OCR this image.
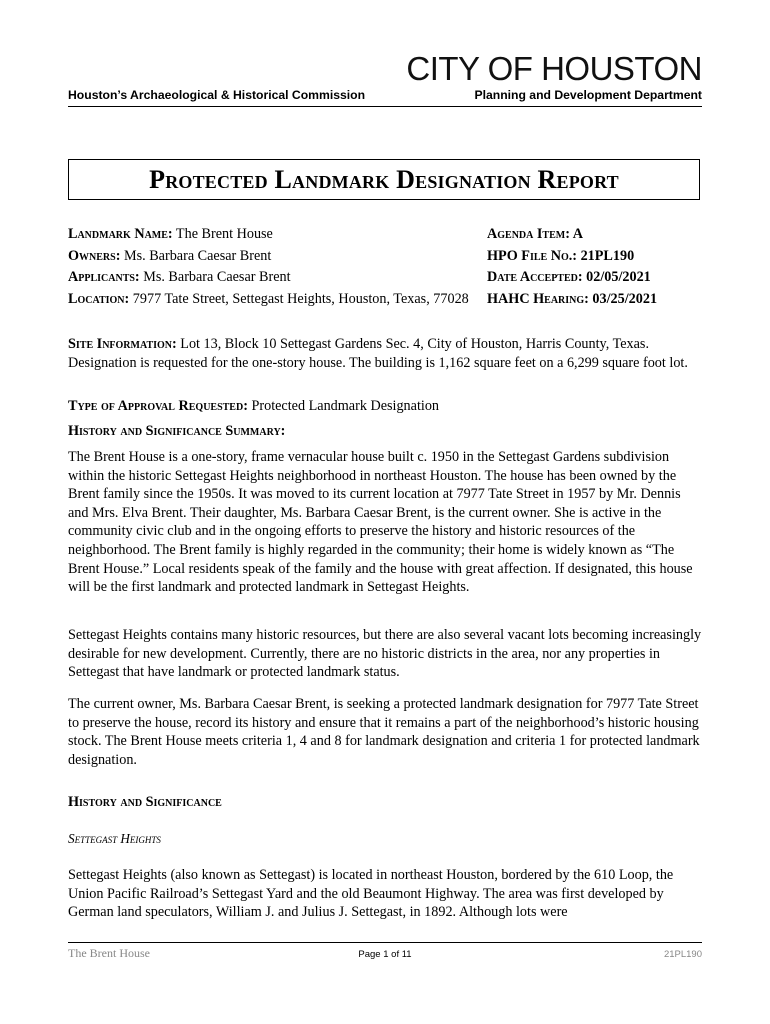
CITY OF HOUSTON
Houston’s Archaeological & Historical Commission	Planning and Development Department
Protected Landmark Designation Report
Landmark Name: The Brent House
Owners: Ms. Barbara Caesar Brent
Applicants: Ms. Barbara Caesar Brent
Location: 7977 Tate Street, Settegast Heights, Houston, Texas, 77028
Agenda Item: A
HPO File No.: 21PL190
Date Accepted: 02/05/2021
HAHC Hearing: 03/25/2021
Site Information: Lot 13, Block 10 Settegast Gardens Sec. 4, City of Houston, Harris County, Texas. Designation is requested for the one-story house. The building is 1,162 square feet on a 6,299 square foot lot.
Type of Approval Requested: Protected Landmark Designation
History and Significance Summary:
The Brent House is a one-story, frame vernacular house built c. 1950 in the Settegast Gardens subdivision within the historic Settegast Heights neighborhood in northeast Houston. The house has been owned by the Brent family since the 1950s. It was moved to its current location at 7977 Tate Street in 1957 by Mr. Dennis and Mrs. Elva Brent. Their daughter, Ms. Barbara Caesar Brent, is the current owner. She is active in the community civic club and in the ongoing efforts to preserve the history and historic resources of the neighborhood. The Brent family is highly regarded in the community; their home is widely known as “The Brent House.” Local residents speak of the family and the house with great affection. If designated, this house will be the first landmark and protected landmark in Settegast Heights.
Settegast Heights contains many historic resources, but there are also several vacant lots becoming increasingly desirable for new development. Currently, there are no historic districts in the area, nor any properties in Settegast that have landmark or protected landmark status.
The current owner, Ms. Barbara Caesar Brent, is seeking a protected landmark designation for 7977 Tate Street to preserve the house, record its history and ensure that it remains a part of the neighborhood’s historic housing stock. The Brent House meets criteria 1, 4 and 8 for landmark designation and criteria 1 for protected landmark designation.
History and Significance
Settegast Heights
Settegast Heights (also known as Settegast) is located in northeast Houston, bordered by the 610 Loop, the Union Pacific Railroad’s Settegast Yard and the old Beaumont Highway. The area was first developed by German land speculators, William J. and Julius J. Settegast, in 1892. Although lots were
The Brent House	Page 1 of 11	21PL190
